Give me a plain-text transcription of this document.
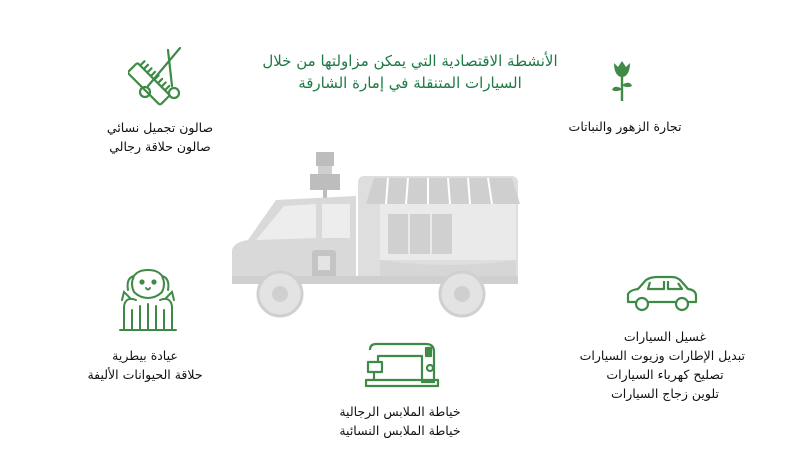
الأنشطة الاقتصادية التي يمكن مزاولتها من خلال
السيارات المتنقلة في إمارة الشارقة
صالون تجميل نسائي
صالون حلاقة رجالي
تجارة الزهور والنباتات
عيادة بيطرية
حلاقة الحيوانات الأليفة
خياطة الملابس الرجالية
خياطة الملابس النسائية
غسيل السيارات
تبديل الإطارات وزيوت السيارات
تصليح كهرباء السيارات
تلوين زجاج السيارات
